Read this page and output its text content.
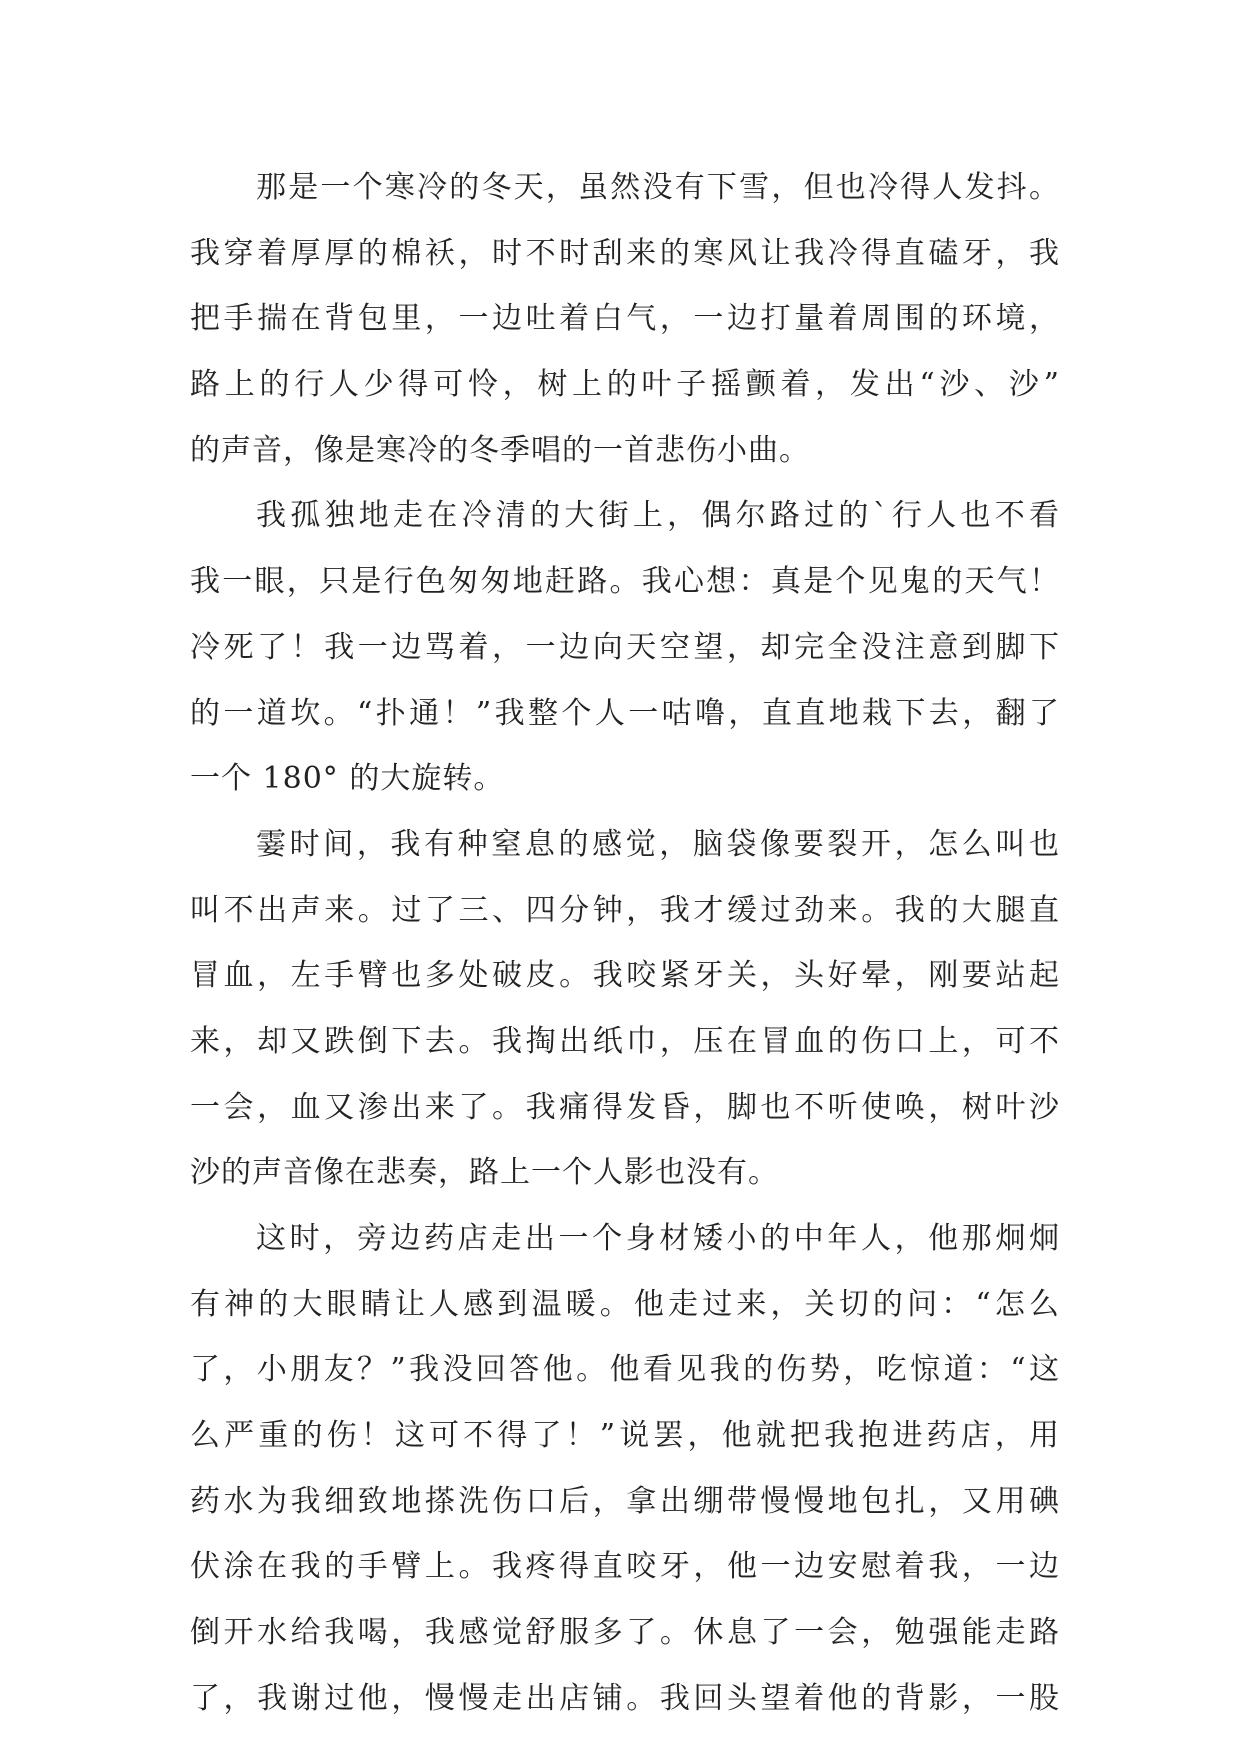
那是一个寒冷的冬天，虽然没有下雪，但也冷得人发抖。
我穿着厚厚的棉袄，时不时刮来的寒风让我冷得直磕牙，我
把手揣在背包里，一边吐着白气，一边打量着周围的环境，
路上的行人少得可怜，树上的叶子摇颤着，发出“沙、沙”
的声音，像是寒冷的冬季唱的一首悲伤小曲。
我孤独地走在冷清的大街上，偶尔路过的`行人也不看
我一眼，只是行色匆匆地赶路。我心想：真是个见鬼的天气！
冷死了！我一边骂着，一边向天空望，却完全没注意到脚下
的一道坎。“扑通！”我整个人一咕噜，直直地栽下去，翻了
一个 180° 的大旋转。
霎时间，我有种窒息的感觉，脑袋像要裂开，怎么叫也
叫不出声来。过了三、四分钟，我才缓过劲来。我的大腿直
冒血，左手臂也多处破皮。我咬紧牙关，头好晕，刚要站起
来，却又跌倒下去。我掏出纸巾，压在冒血的伤口上，可不
一会，血又渗出来了。我痛得发昏，脚也不听使唤，树叶沙
沙的声音像在悲奏，路上一个人影也没有。
这时，旁边药店走出一个身材矮小的中年人，他那炯炯
有神的大眼睛让人感到温暖。他走过来，关切的问：“怎么
了，小朋友？”我没回答他。他看见我的伤势，吃惊道：“这
么严重的伤！这可不得了！”说罢，他就把我抱进药店，用
药水为我细致地搽洗伤口后，拿出绷带慢慢地包扎，又用碘
伏涂在我的手臂上。我疼得直咬牙，他一边安慰着我，一边
倒开水给我喝，我感觉舒服多了。休息了一会，勉强能走路
了，我谢过他，慢慢走出店铺。我回头望着他的背影，一股
